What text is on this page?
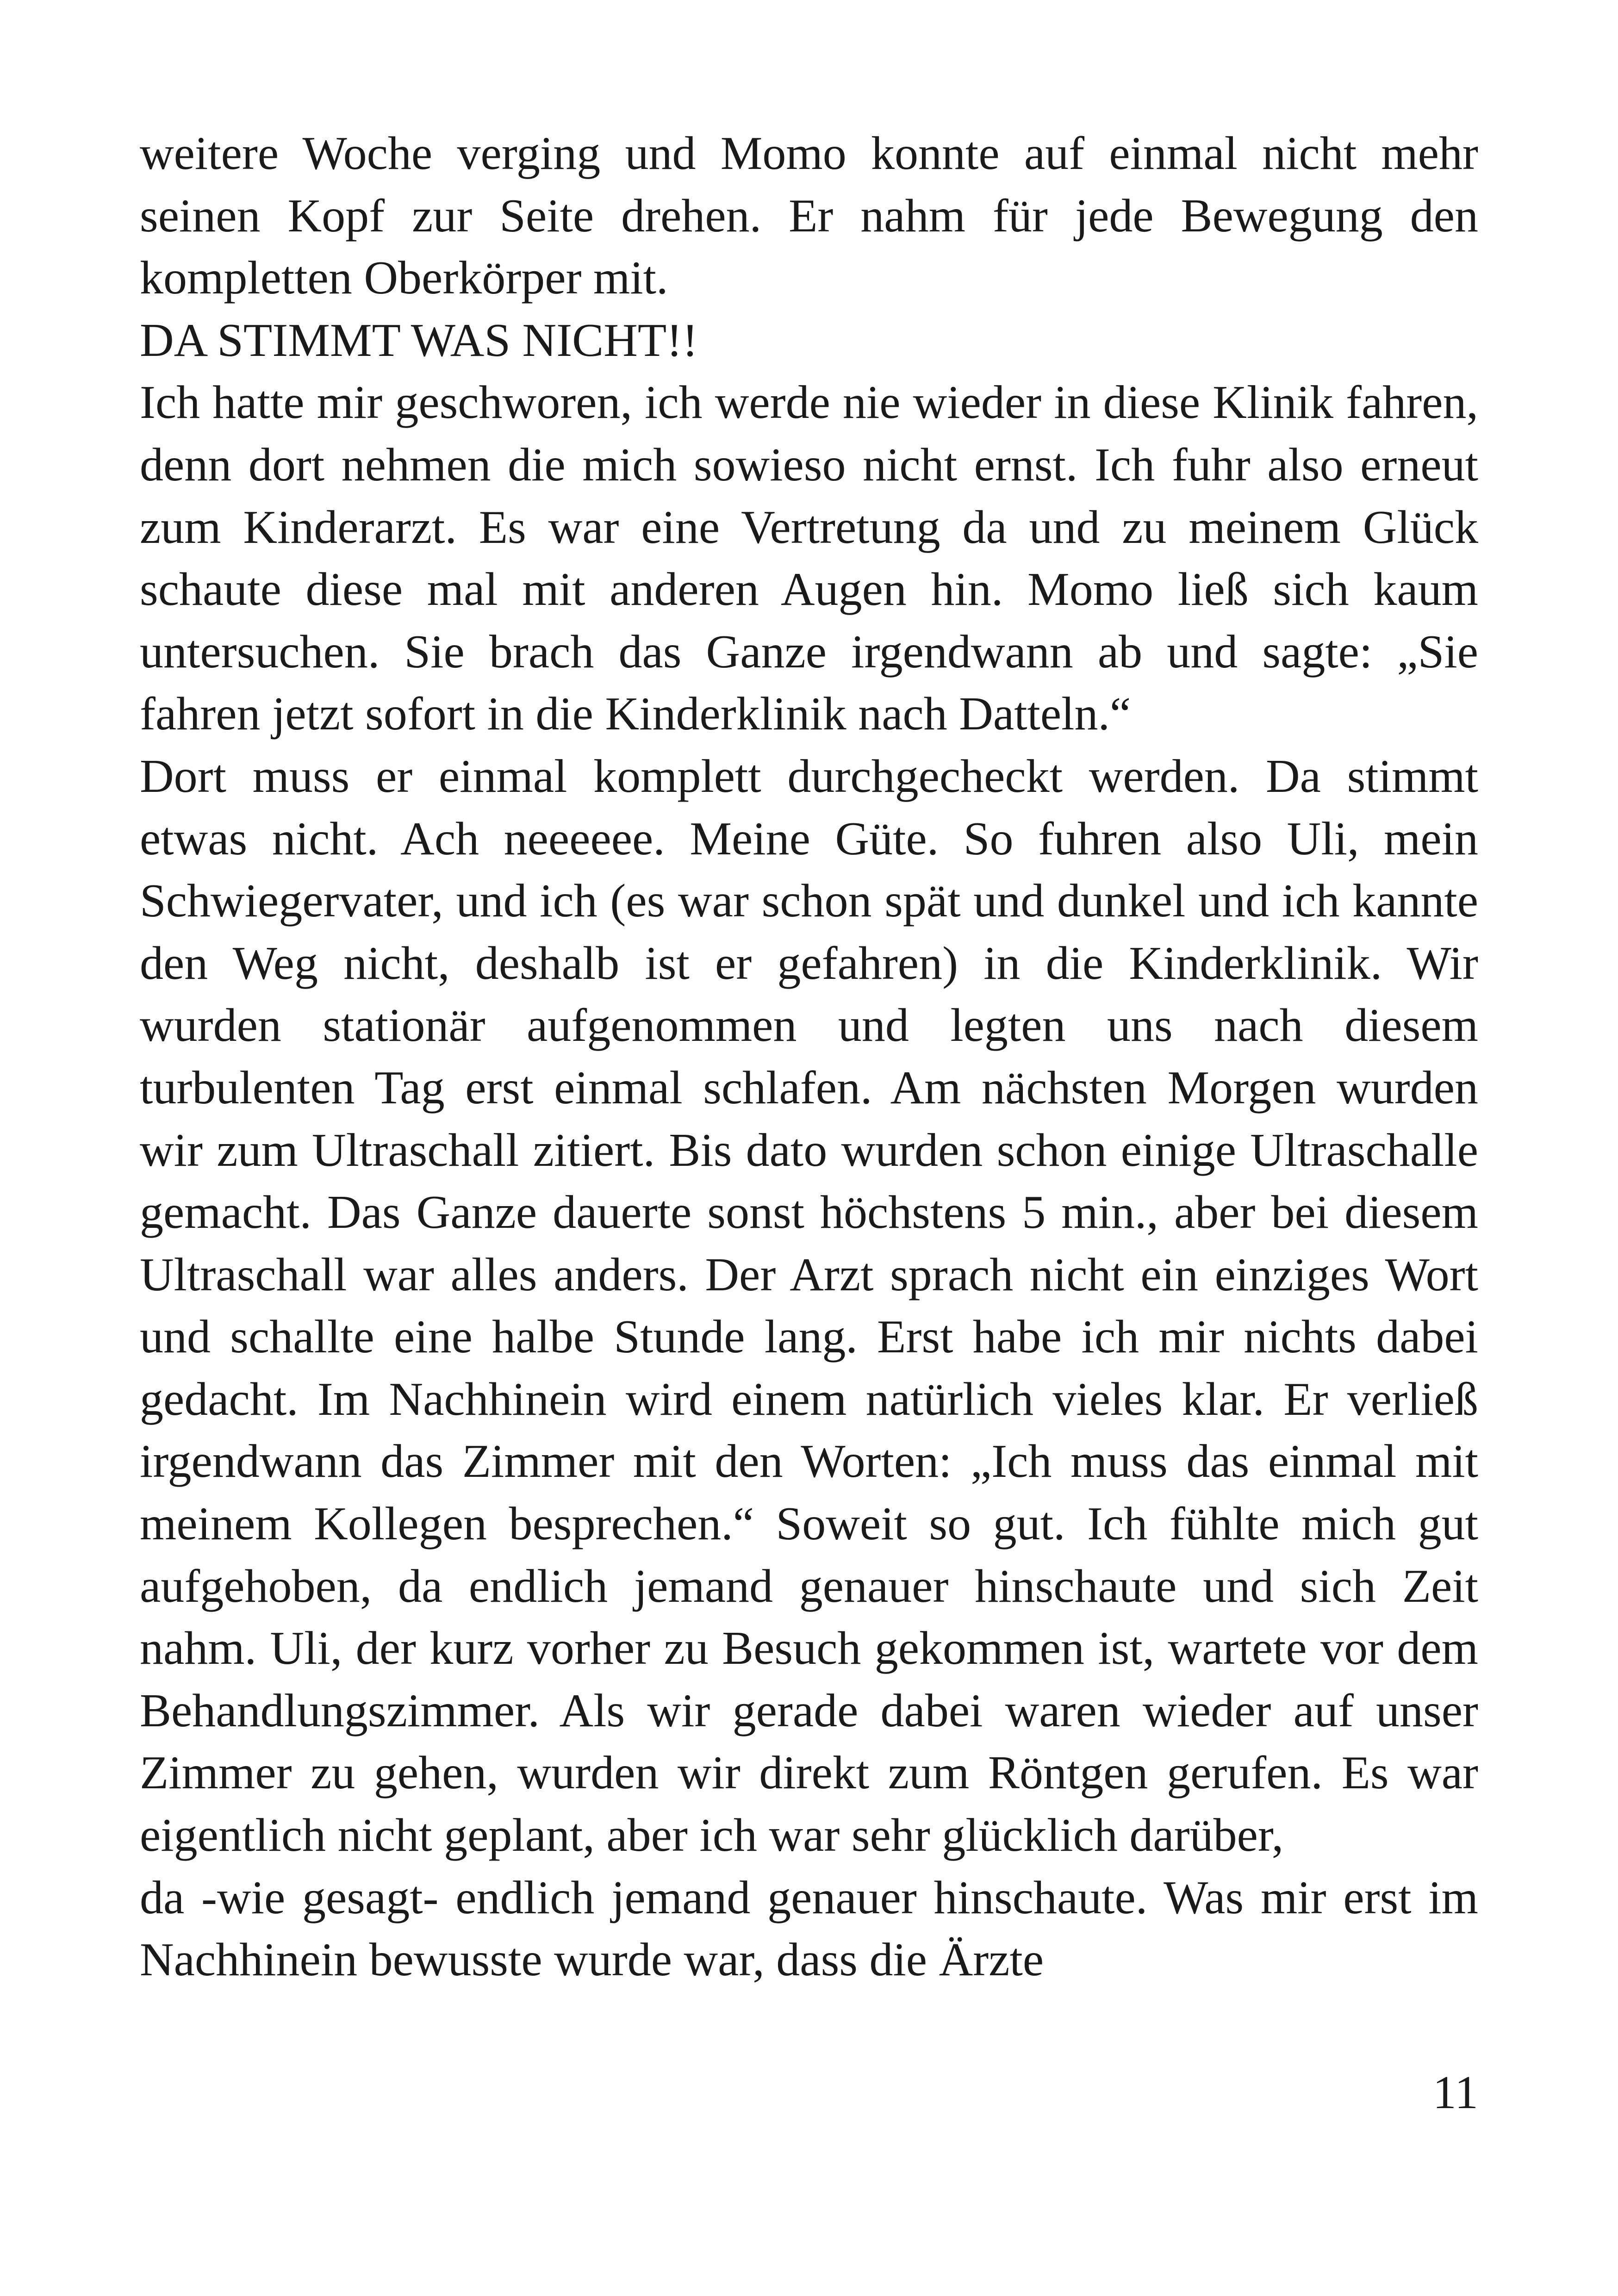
weitere Woche verging und Momo konnte auf einmal nicht mehr seinen Kopf zur Seite drehen. Er nahm für jede Bewegung den kompletten Oberkörper mit.

DA STIMMT WAS NICHT!!

Ich hatte mir geschworen, ich werde nie wieder in diese Klinik fahren, denn dort nehmen die mich sowieso nicht ernst. Ich fuhr also erneut zum Kinderarzt. Es war eine Vertretung da und zu meinem Glück schaute diese mal mit anderen Augen hin. Momo ließ sich kaum untersuchen. Sie brach das Ganze irgendwann ab und sagte: „Sie fahren jetzt sofort in die Kinderklinik nach Datteln.“

Dort muss er einmal komplett durchgecheckt werden. Da stimmt etwas nicht. Ach neeeeee. Meine Güte. So fuhren also Uli, mein Schwiegervater, und ich (es war schon spät und dunkel und ich kannte den Weg nicht, deshalb ist er gefahren) in die Kinderklinik. Wir wurden stationär aufgenommen und legten uns nach diesem turbulenten Tag erst einmal schlafen. Am nächsten Morgen wurden wir zum Ultraschall zitiert. Bis dato wurden schon einige Ultraschalle gemacht. Das Ganze dauerte sonst höchstens 5 min., aber bei diesem Ultraschall war alles anders. Der Arzt sprach nicht ein einziges Wort und schallte eine halbe Stunde lang. Erst habe ich mir nichts dabei gedacht. Im Nachhinein wird einem natürlich vieles klar. Er verließ irgendwann das Zimmer mit den Worten: „Ich muss das einmal mit meinem Kollegen besprechen.“ Soweit so gut. Ich fühlte mich gut aufgehoben, da endlich jemand genauer hinschaute und sich Zeit nahm. Uli, der kurz vorher zu Besuch gekommen ist, wartete vor dem Behandlungszimmer. Als wir gerade dabei waren wieder auf unser Zimmer zu gehen, wurden wir direkt zum Röntgen gerufen. Es war eigentlich nicht geplant, aber ich war sehr glücklich darüber,

da -wie gesagt- endlich jemand genauer hinschaute. Was mir erst im Nachhinein bewusste wurde war, dass die Ärzte

11
